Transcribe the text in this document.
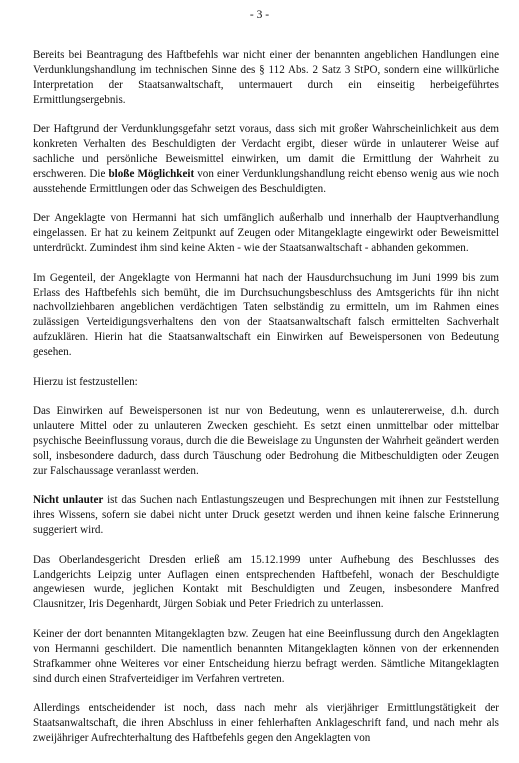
- 3 -

Bereits bei Beantragung des Haftbefehls war nicht einer der benannten angeblichen Handlungen eine Verdunklungshandlung im technischen Sinne des § 112 Abs. 2 Satz 3 StPO, sondern eine willkürliche Interpretation der Staatsanwaltschaft, untermauert durch ein einseitig herbeigeführtes Ermittlungsergebnis.

Der Haftgrund der Verdunklungsgefahr setzt voraus, dass sich mit großer Wahrscheinlichkeit aus dem konkreten Verhalten des Beschuldigten der Verdacht ergibt, dieser würde in unlauterer Weise auf sachliche und persönliche Beweismittel einwirken, um damit die Ermittlung der Wahrheit zu erschweren. Die bloße Möglichkeit von einer Verdunklungshandlung reicht ebenso wenig aus wie noch ausstehende Ermittlungen oder das Schweigen des Beschuldigten.

Der Angeklagte von Hermanni hat sich umfänglich außerhalb und innerhalb der Hauptverhandlung eingelassen. Er hat zu keinem Zeitpunkt auf Zeugen oder Mitangeklagte eingewirkt oder Beweismittel unterdrückt. Zumindest ihm sind keine Akten - wie der Staatsanwaltschaft - abhanden gekommen.

Im Gegenteil, der Angeklagte von Hermanni hat nach der Hausdurchsuchung im Juni 1999 bis zum Erlass des Haftbefehls sich bemüht, die im Durchsuchungsbeschluss des Amtsgerichts für ihn nicht nachvollziehbaren angeblichen verdächtigen Taten selbständig zu ermitteln, um im Rahmen eines zulässigen Verteidigungsverhaltens den von der Staatsanwaltschaft falsch ermittelten Sachverhalt aufzuklären. Hierin hat die Staatsanwaltschaft ein Einwirken auf Beweispersonen von Bedeutung gesehen.

Hierzu ist festzustellen:

Das Einwirken auf Beweispersonen ist nur von Bedeutung, wenn es unlautererweise, d.h. durch unlautere Mittel oder zu unlauteren Zwecken geschieht. Es setzt einen unmittelbar oder mittelbar psychische Beeinflussung voraus, durch die die Beweislage zu Ungunsten der Wahrheit geändert werden soll, insbesondere dadurch, dass durch Täuschung oder Bedrohung die Mitbeschuldigten oder Zeugen zur Falschaussage veranlasst werden.

Nicht unlauter ist das Suchen nach Entlastungszeugen und Besprechungen mit ihnen zur Feststellung ihres Wissens, sofern sie dabei nicht unter Druck gesetzt werden und ihnen keine falsche Erinnerung suggeriert wird.

Das Oberlandesgericht Dresden erließ am 15.12.1999 unter Aufhebung des Beschlusses des Landgerichts Leipzig unter Auflagen einen entsprechenden Haftbefehl, wonach der Beschuldigte angewiesen wurde, jeglichen Kontakt mit Beschuldigten und Zeugen, insbesondere Manfred Clausnitzer, Iris Degenhardt, Jürgen Sobiak und Peter Friedrich zu unterlassen.

Keiner der dort benannten Mitangeklagten bzw. Zeugen hat eine Beeinflussung durch den Angeklagten von Hermanni geschildert. Die namentlich benannten Mitangeklagten können von der erkennenden Strafkammer ohne Weiteres vor einer Entscheidung hierzu befragt werden. Sämtliche Mitangeklagten sind durch einen Strafverteidiger im Verfahren vertreten.

Allerdings entscheidender ist noch, dass nach mehr als vierjähriger Ermittlungstätigkeit der Staatsanwaltschaft, die ihren Abschluss in einer fehlerhaften Anklageschrift fand, und nach mehr als zweijähriger Aufrechterhaltung des Haftbefehls gegen den Angeklagten von
